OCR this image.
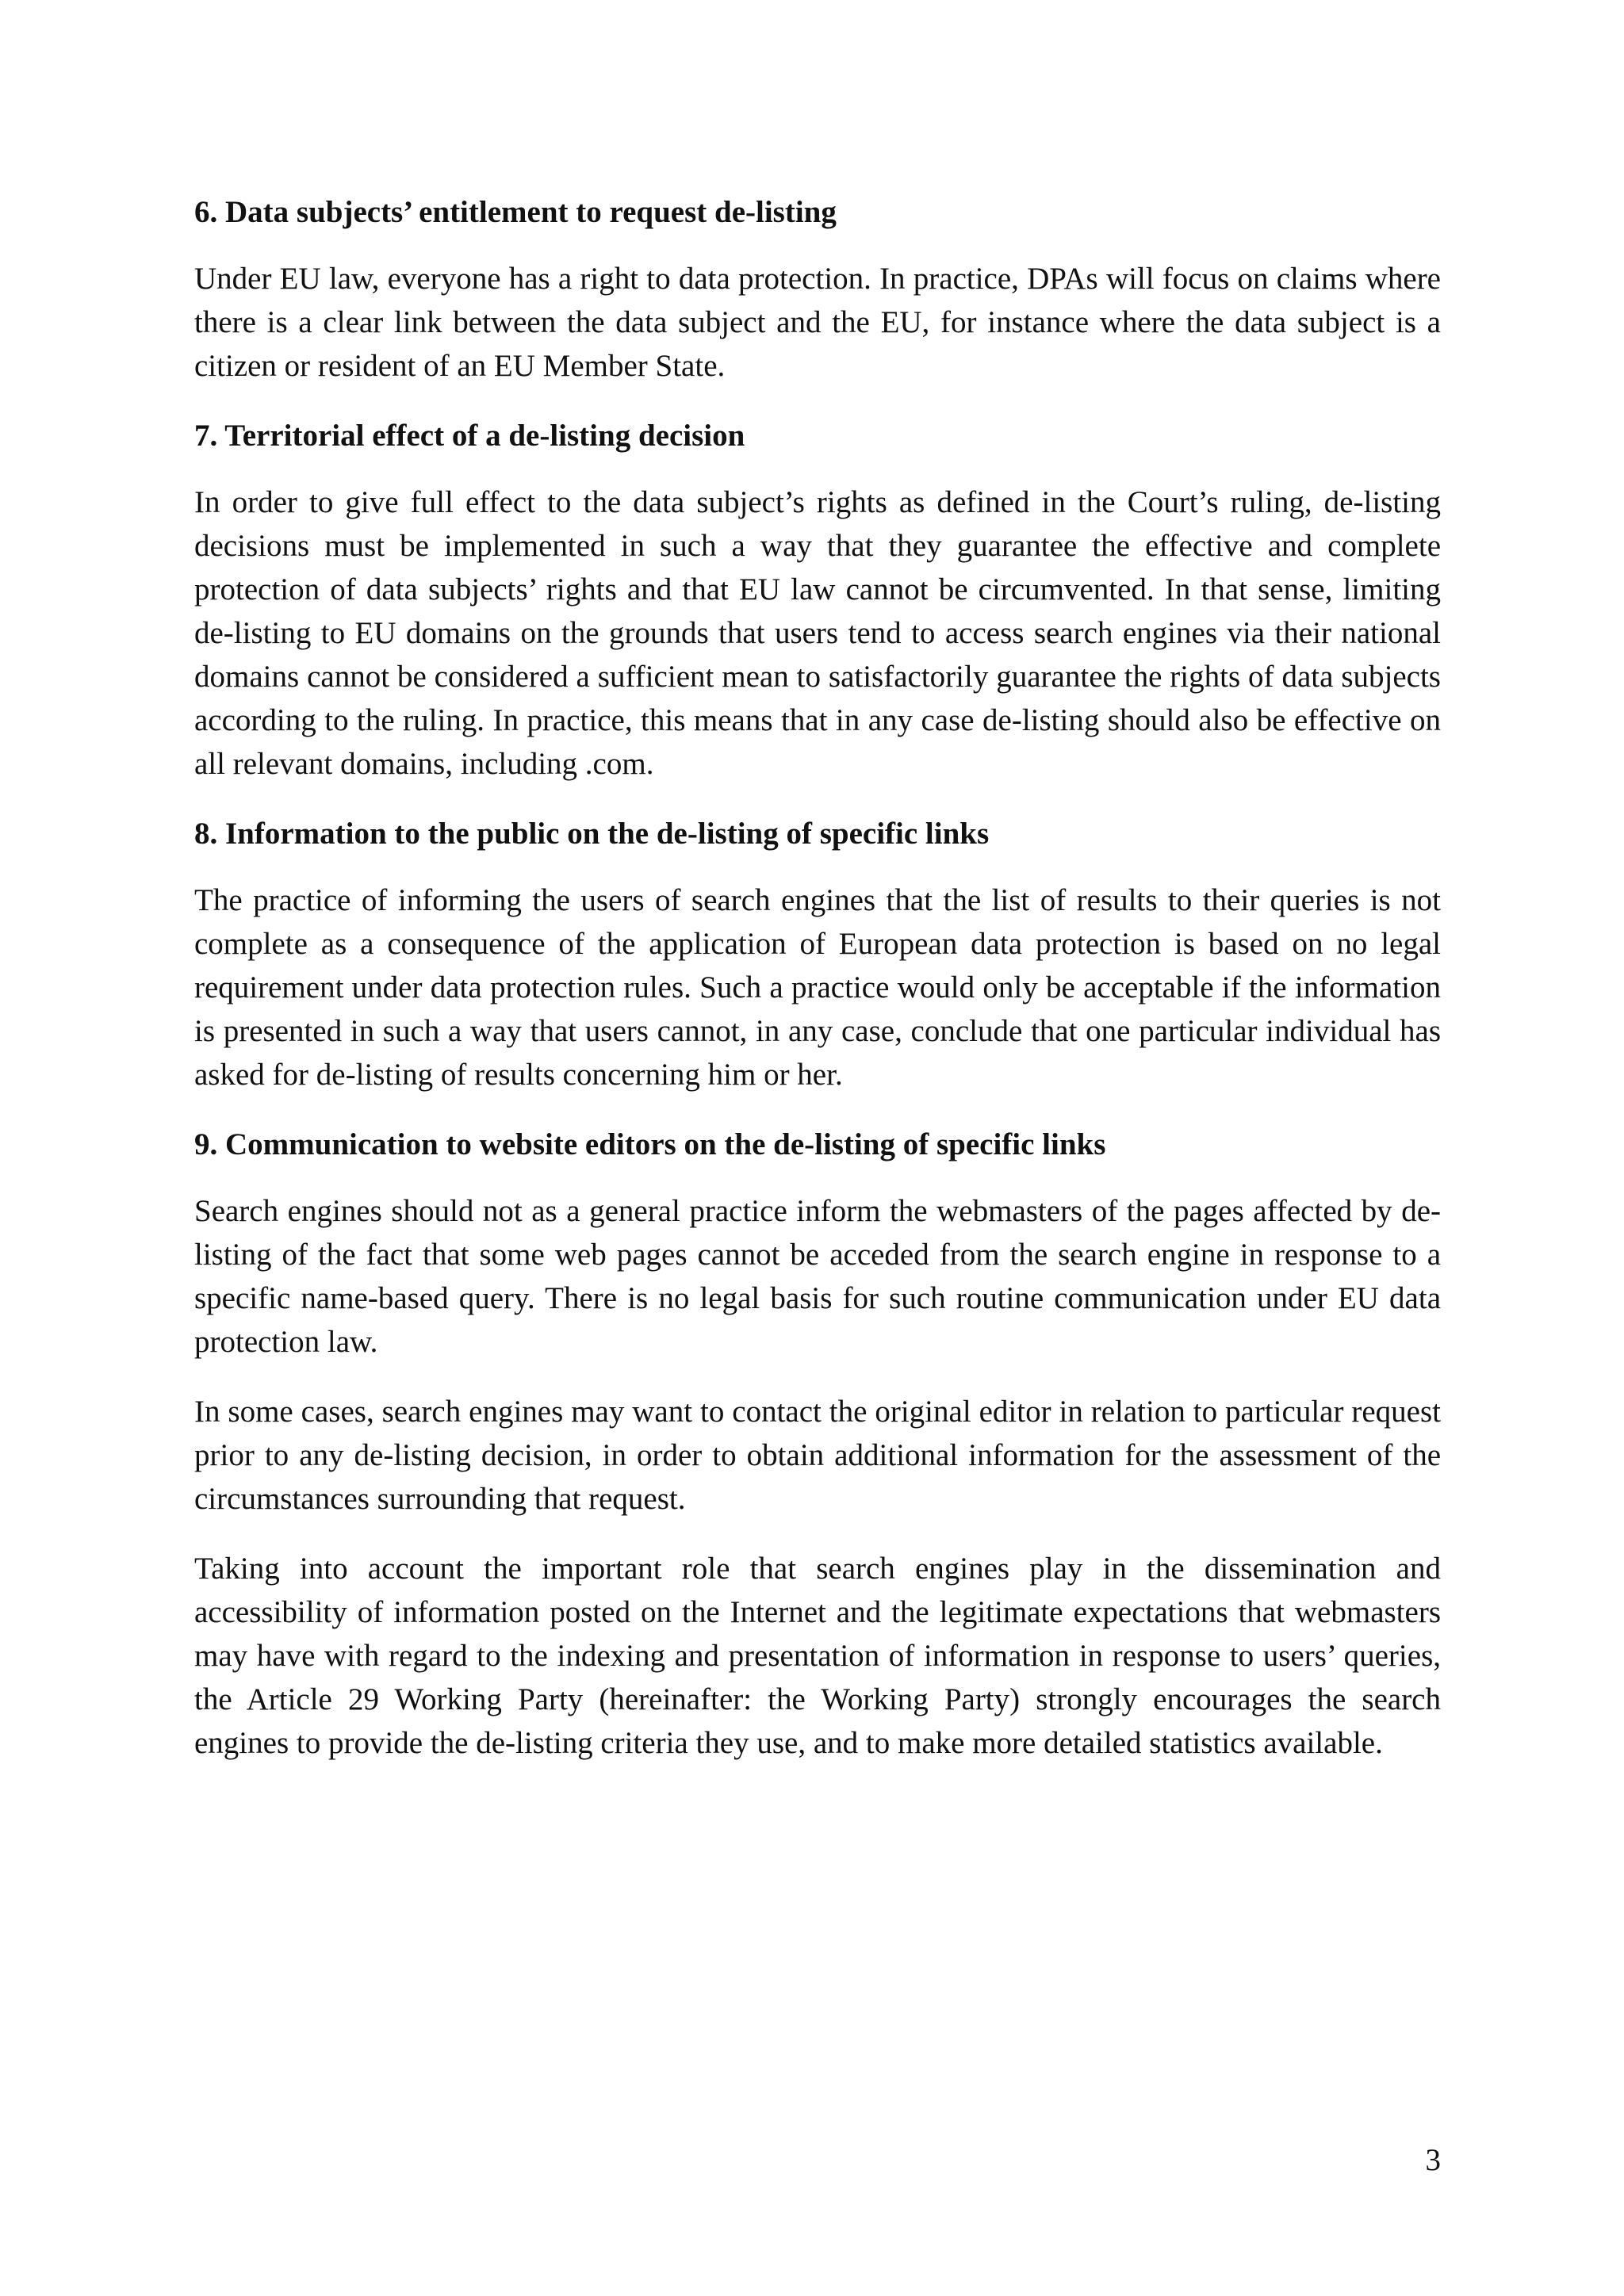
6. Data subjects’ entitlement to request de-listing

Under EU law, everyone has a right to data protection. In practice, DPAs will focus on claims where there is a clear link between the data subject and the EU, for instance where the data subject is a citizen or resident of an EU Member State.

7. Territorial effect of a de-listing decision

In order to give full effect to the data subject’s rights as defined in the Court’s ruling, de-listing decisions must be implemented in such a way that they guarantee the effective and complete protection of data subjects’ rights and that EU law cannot be circumvented. In that sense, limiting de-listing to EU domains on the grounds that users tend to access search engines via their national domains cannot be considered a sufficient mean to satisfactorily guarantee the rights of data subjects according to the ruling. In practice, this means that in any case de-listing should also be effective on all relevant domains, including .com.

8. Information to the public on the de-listing of specific links

The practice of informing the users of search engines that the list of results to their queries is not complete as a consequence of the application of European data protection is based on no legal requirement under data protection rules. Such a practice would only be acceptable if the information is presented in such a way that users cannot, in any case, conclude that one particular individual has asked for de-listing of results concerning him or her.

9. Communication to website editors on the de-listing of specific links

Search engines should not as a general practice inform the webmasters of the pages affected by de-listing of the fact that some web pages cannot be acceded from the search engine in response to a specific name-based query. There is no legal basis for such routine communication under EU data protection law.

In some cases, search engines may want to contact the original editor in relation to particular request prior to any de-listing decision, in order to obtain additional information for the assessment of the circumstances surrounding that request.

Taking into account the important role that search engines play in the dissemination and accessibility of information posted on the Internet and the legitimate expectations that webmasters may have with regard to the indexing and presentation of information in response to users’ queries, the Article 29 Working Party (hereinafter: the Working Party) strongly encourages the search engines to provide the de-listing criteria they use, and to make more detailed statistics available.

3
